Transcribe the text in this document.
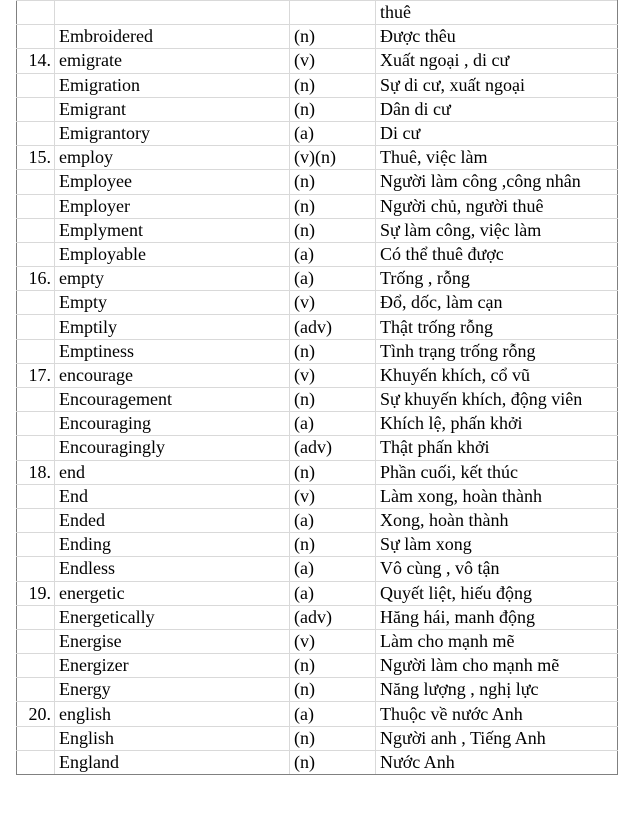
			thuê
	Embroidered	(n)	Được thêu
14.	emigrate	(v)	Xuất ngoại , di cư
	Emigration	(n)	Sự di cư, xuất ngoại
	Emigrant	(n)	Dân di cư
	Emigrantory	(a)	Di cư
15.	employ	(v)(n)	Thuê, việc làm
	Employee	(n)	Người làm công ,công nhân
	Employer	(n)	Người chủ, người thuê
	Emplyment	(n)	Sự làm công, việc làm
	Employable	(a)	Có thể thuê được
16.	empty	(a)	Trống , rỗng
	Empty	(v)	Đổ, dốc, làm cạn
	Emptily	(adv)	Thật trống rỗng
	Emptiness	(n)	Tình trạng trống rỗng
17.	encourage	(v)	Khuyến khích, cổ vũ
	Encouragement	(n)	Sự khuyến khích, động viên
	Encouraging	(a)	Khích lệ, phấn khởi
	Encouragingly	(adv)	Thật phấn khởi
18.	end	(n)	Phần cuối, kết thúc
	End	(v)	Làm xong, hoàn thành
	Ended	(a)	Xong, hoàn thành
	Ending	(n)	Sự làm xong
	Endless	(a)	Vô cùng , vô tận
19.	energetic	(a)	Quyết liệt, hiếu động
	Energetically	(adv)	Hăng hái, manh động
	Energise	(v)	Làm cho mạnh mẽ
	Energizer	(n)	Người làm cho mạnh mẽ
	Energy	(n)	Năng lượng , nghị lực
20.	english	(a)	Thuộc về nước Anh
	English	(n)	Người anh , Tiếng Anh
	England	(n)	Nước Anh
